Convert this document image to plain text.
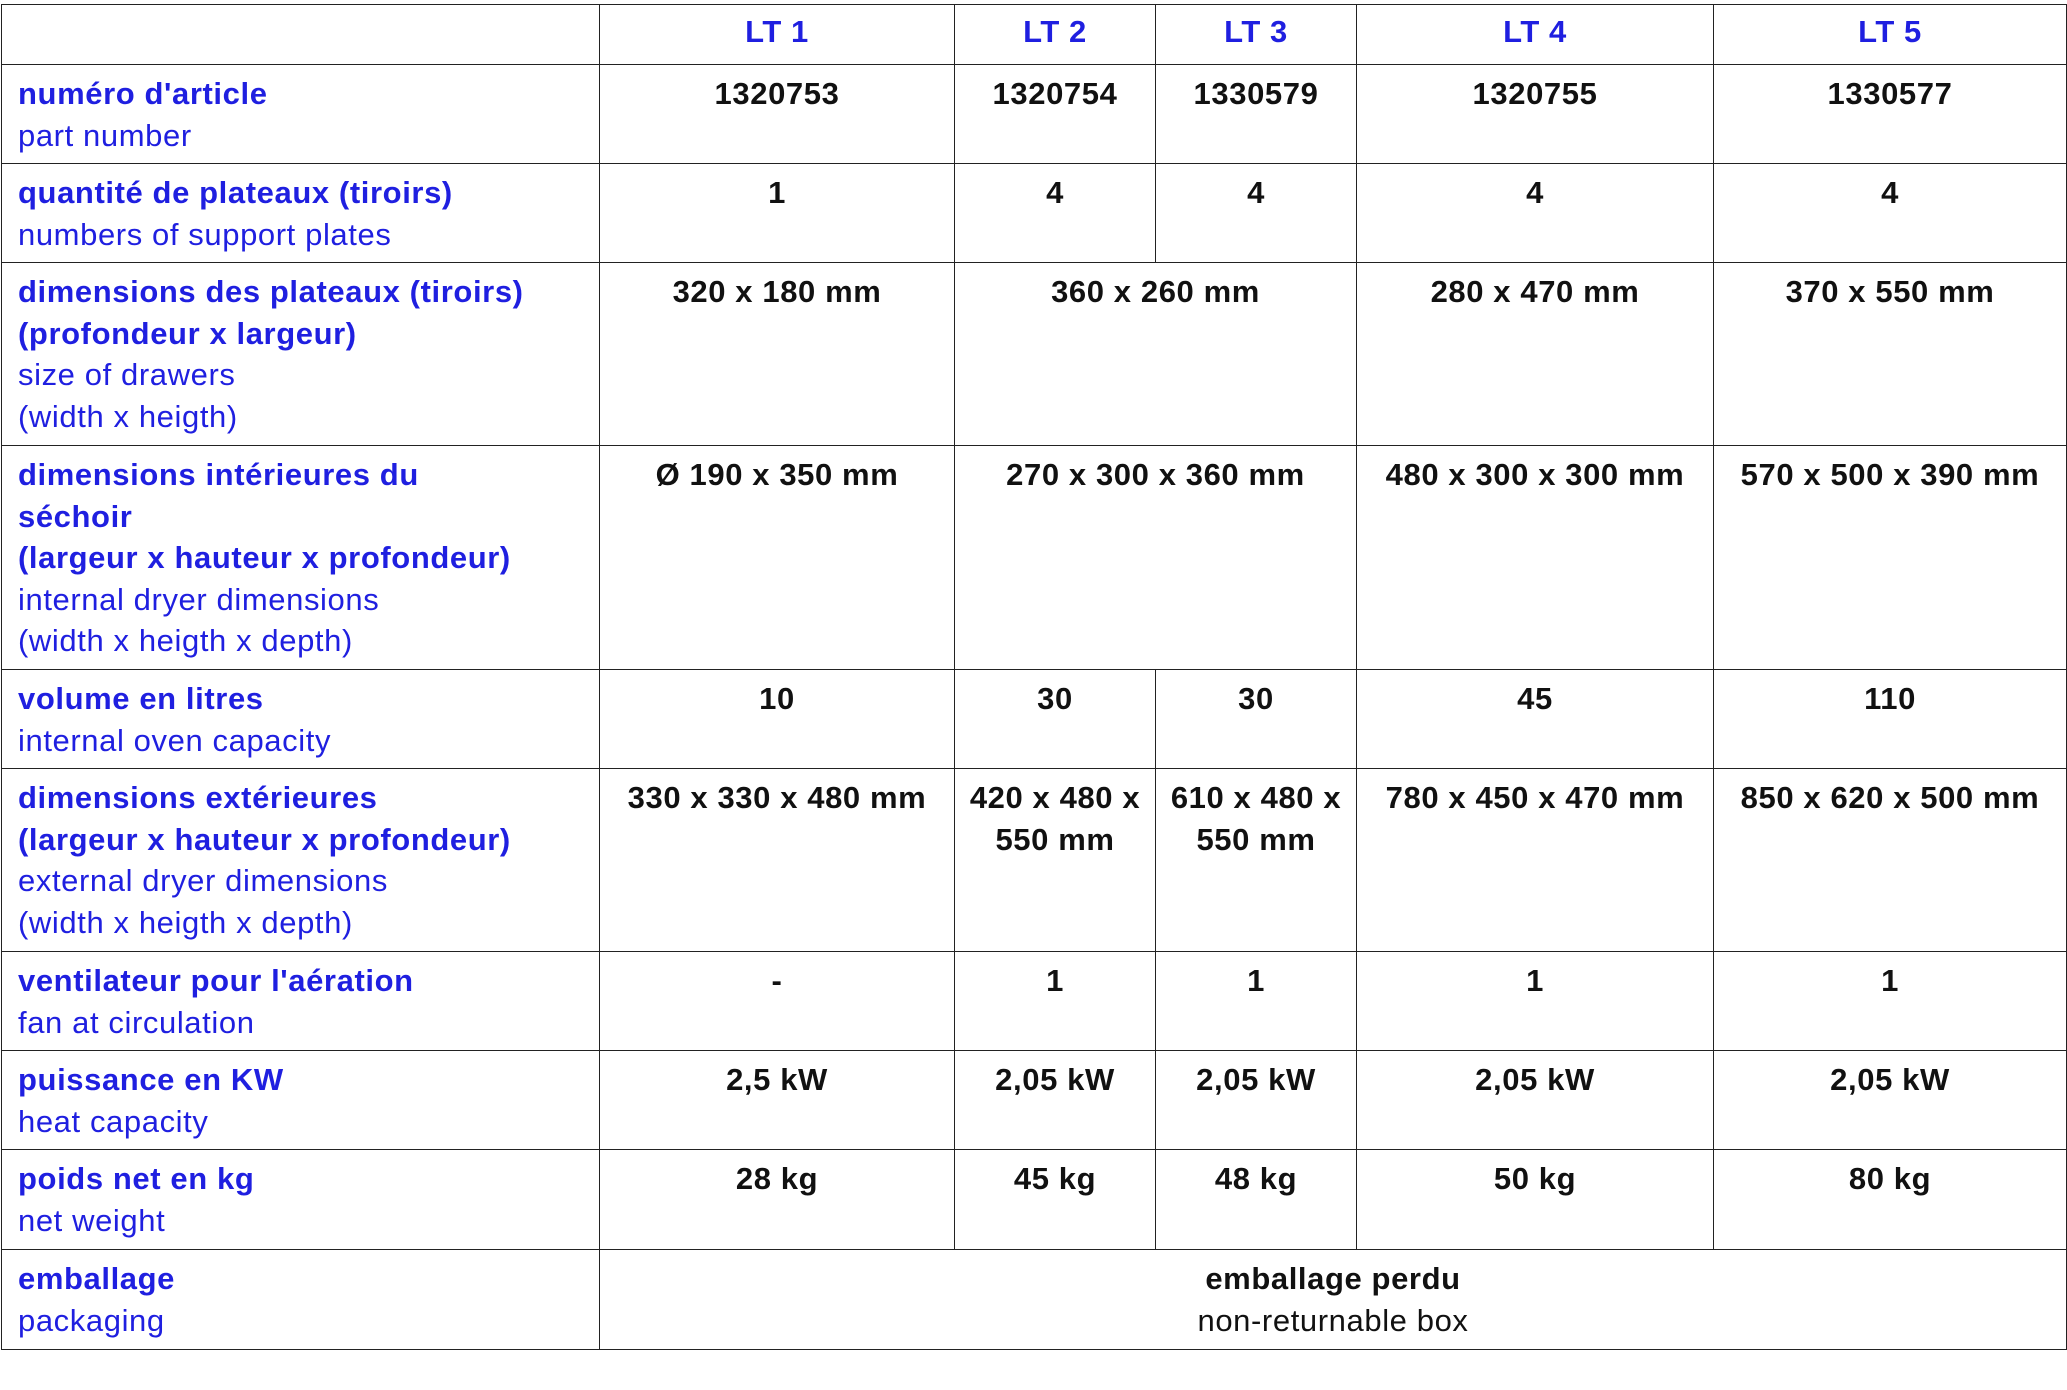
	LT 1	LT 2	LT 3	LT 4	LT 5

numéro d'article
part number	1320753	1320754	1330579	1320755	1330577

quantité de plateaux (tiroirs)
numbers of support plates	1	4	4	4	4

dimensions des plateaux (tiroirs)
(profondeur x largeur)
size of drawers
(width x heigth)	320 x 180 mm	360 x 260 mm		280 x 470 mm	370 x 550 mm

dimensions intérieures du
séchoir
(largeur x hauteur x profondeur)
internal dryer dimensions
(width x heigth x depth)	Ø 190 x 350 mm	270 x 300 x 360 mm		480 x 300 x 300 mm	570 x 500 x 390 mm

volume en litres
internal oven capacity	10	30	30	45	110

dimensions extérieures
(largeur x hauteur x profondeur)
external dryer dimensions
(width x heigth x depth)	330 x 330 x 480 mm	420 x 480 x 550 mm	610 x 480 x 550 mm	780 x 450 x 470 mm	850 x 620 x 500 mm

ventilateur pour l'aération
fan at circulation	-	1	1	1	1

puissance en KW
heat capacity	2,5 kW	2,05 kW	2,05 kW	2,05 kW	2,05 kW

poids net en kg
net weight	28 kg	45 kg	48 kg	50 kg	80 kg

emballage
packaging	emballage perdu
non-returnable box				
